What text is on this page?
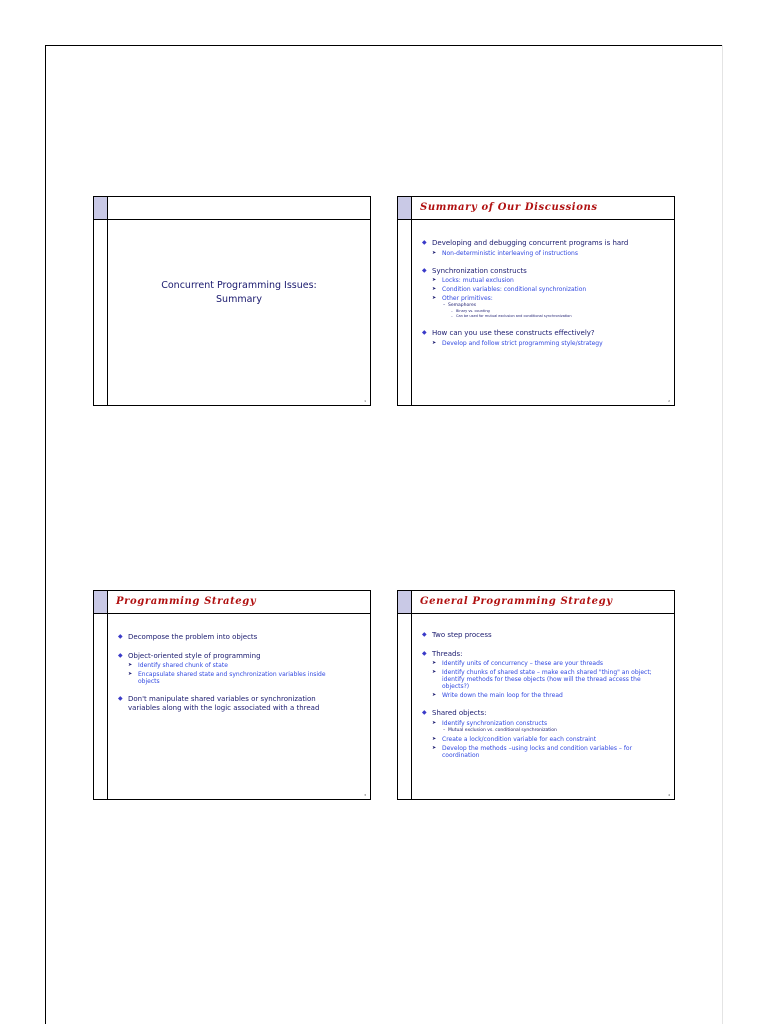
Concurrent Programming Issues:
Summary
1
Summary of Our Discussions
◆ Developing and debugging concurrent programs is hard
➤ Non-deterministic interleaving of instructions
◆ Synchronization constructs
➤ Locks: mutual exclusion
➤ Condition variables: conditional synchronization
➤ Other primitives:
– Semaphores
– Binary vs. counting
– Can be used for mutual exclusion and conditional synchronization
◆ How can you use these constructs effectively?
➤ Develop and follow strict programming style/strategy
2
Programming Strategy
◆ Decompose the problem into objects
◆ Object-oriented style of programming
➤ Identify shared chunk of state
➤ Encapsulate shared state and synchronization variables inside objects
◆ Don't manipulate shared variables or synchronization variables along with the logic associated with a thread
3
General Programming Strategy
◆ Two step process
◆ Threads:
➤ Identify units of concurrency – these are your threads
➤ Identify chunks of shared state – make each shared "thing" an object; identify methods for these objects (how will the thread access the objects?)
➤ Write down the main loop for the thread
◆ Shared objects:
➤ Identify synchronization constructs
– Mutual exclusion vs. conditional synchronization
➤ Create a lock/condition variable for each constraint
➤ Develop the methods –using locks and condition variables – for coordination
4
